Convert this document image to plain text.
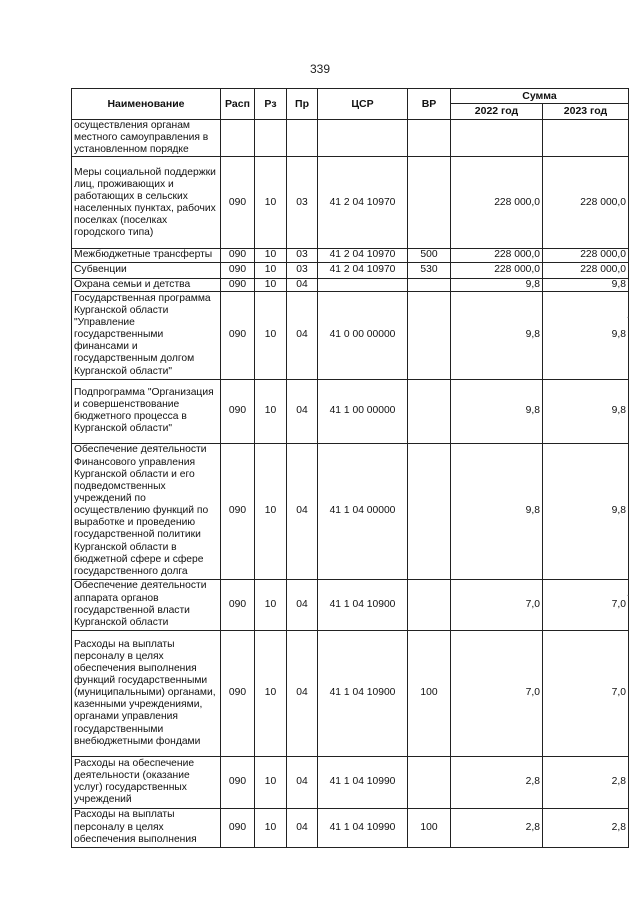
339
Наименование	Расп	Рз	Пр	ЦСР	ВР	Сумма	
						2022 год	2023 год
осуществления органам местного самоуправления в установленном порядке							
Меры социальной поддержки лиц, проживающих и работающих в сельских населенных пунктах, рабочих поселках (поселках городского типа)	090	10	03	41 2 04 10970		228 000,0	228 000,0
Межбюджетные трансферты	090	10	03	41 2 04 10970	500	228 000,0	228 000,0
Субвенции	090	10	03	41 2 04 10970	530	228 000,0	228 000,0
Охрана семьи и детства	090	10	04			9,8	9,8
Государственная программа Курганской области "Управление государственными финансами и государственным долгом Курганской области"	090	10	04	41 0 00 00000		9,8	9,8
Подпрограмма "Организация и совершенствование бюджетного процесса в Курганской области"	090	10	04	41 1 00 00000		9,8	9,8
Обеспечение деятельности Финансового управления Курганской области и его подведомственных учреждений по осуществлению функций по выработке и проведению государственной политики Курганской области в бюджетной сфере и сфере государственного долга	090	10	04	41 1 04 00000		9,8	9,8
Обеспечение деятельности аппарата органов государственной власти Курганской области	090	10	04	41 1 04 10900		7,0	7,0
Расходы на выплаты персоналу в целях обеспечения выполнения функций государственными (муниципальными) органами, казенными учреждениями, органами управления государственными внебюджетными фондами	090	10	04	41 1 04 10900	100	7,0	7,0
Расходы на обеспечение деятельности (оказание услуг) государственных учреждений	090	10	04	41 1 04 10990		2,8	2,8
Расходы на выплаты персоналу в целях обеспечения выполнения	090	10	04	41 1 04 10990	100	2,8	2,8
·
·
